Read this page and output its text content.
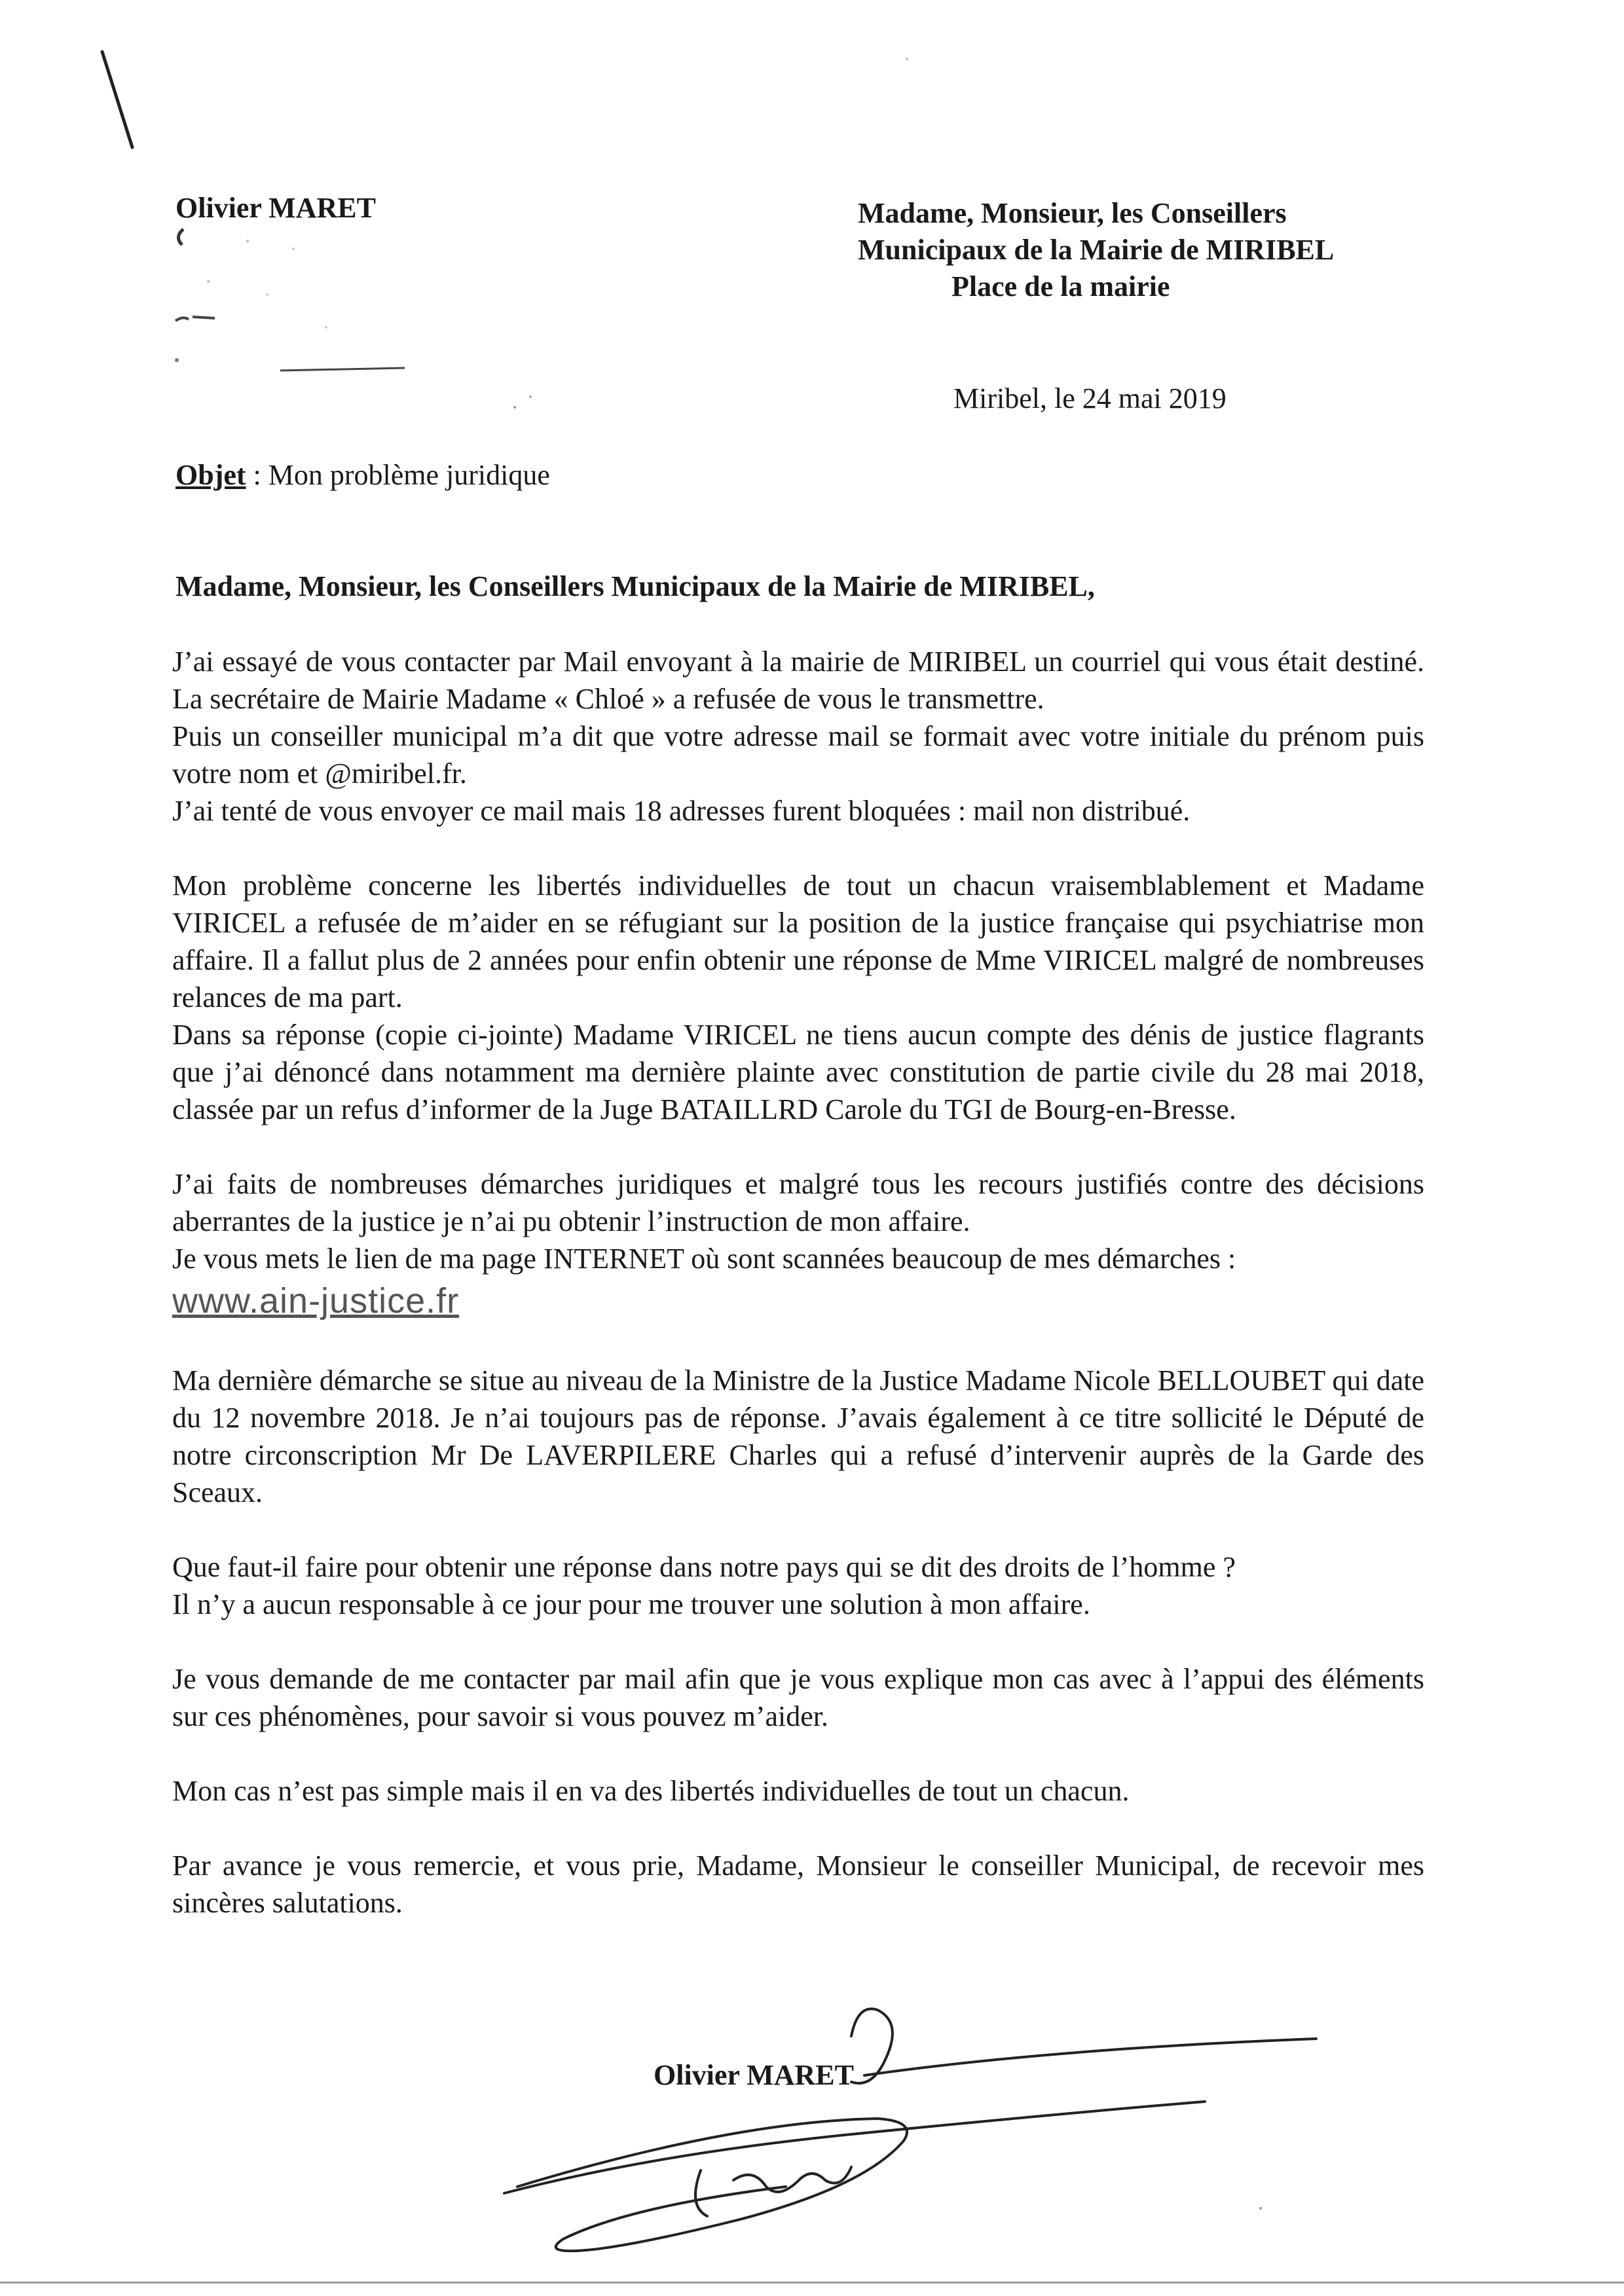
Olivier MARET	Madame, Monsieur, les Conseillers
Municipaux de la Mairie de MIRIBEL
Place de la mairie
Miribel, le 24 mai 2019
Objet : Mon problème juridique
Madame, Monsieur, les Conseillers Municipaux de la Mairie de MIRIBEL,

J’ai essayé de vous contacter par Mail envoyant à la mairie de MIRIBEL un courriel qui vous était destiné. La secrétaire de Mairie Madame « Chloé » a refusée de vous le transmettre.

Puis un conseiller municipal m’a dit que votre adresse mail se formait avec votre initiale du prénom puis votre nom et @miribel.fr.

J’ai tenté de vous envoyer ce mail mais 18 adresses furent bloquées : mail non distribué.

Mon problème concerne les libertés individuelles de tout un chacun vraisemblablement et Madame VIRICEL a refusée de m’aider en se réfugiant sur la position de la justice française qui psychiatrise mon affaire. Il a fallut plus de 2 années pour enfin obtenir une réponse de Mme VIRICEL malgré de nombreuses relances de ma part.

Dans sa réponse (copie ci-jointe) Madame VIRICEL ne tiens aucun compte des dénis de justice flagrants que j’ai dénoncé dans notamment ma dernière plainte avec constitution de partie civile du 28 mai 2018, classée par un refus d’informer de la Juge BATAILLRD Carole du TGI de Bourg-en-Bresse.

J’ai faits de nombreuses démarches juridiques et malgré tous les recours justifiés contre des décisions aberrantes de la justice je n’ai pu obtenir l’instruction de mon affaire.

Je vous mets le lien de ma page INTERNET où sont scannées beaucoup de mes démarches :

www.ain-justice.fr

Ma dernière démarche se situe au niveau de la Ministre de la Justice Madame Nicole BELLOUBET qui date du 12 novembre 2018. Je n’ai toujours pas de réponse. J’avais également à ce titre sollicité le Député de notre circonscription Mr De LAVERPILERE Charles qui a refusé d’intervenir auprès de la Garde des Sceaux.

Que faut-il faire pour obtenir une réponse dans notre pays qui se dit des droits de l’homme ?

Il n’y a aucun responsable à ce jour pour me trouver une solution à mon affaire.

Je vous demande de me contacter par mail afin que je vous explique mon cas avec à l’appui des éléments sur ces phénomènes, pour savoir si vous pouvez m’aider.

Mon cas n’est pas simple mais il en va des libertés individuelles de tout un chacun.

Par avance je vous remercie, et vous prie, Madame, Monsieur le conseiller Municipal, de recevoir mes sincères salutations.

Olivier MARET
